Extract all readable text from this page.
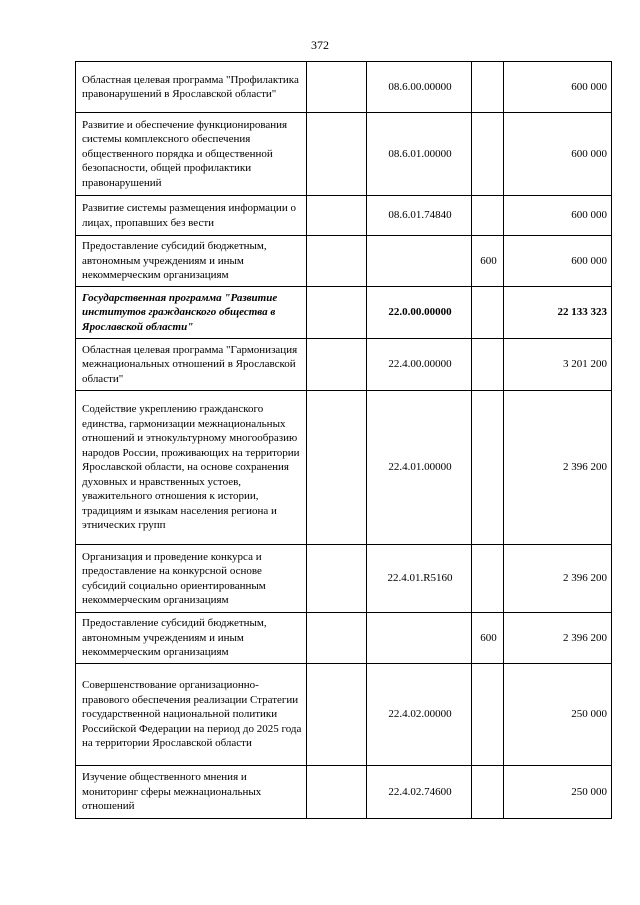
372
Областная целевая программа "Профилактика правонарушений в Ярославской области"		08.6.00.00000		600 000
Развитие и обеспечение функционирования системы комплексного обеспечения общественного порядка и общественной безопасности, общей профилактики правонарушений		08.6.01.00000		600 000
Развитие системы размещения информации о лицах, пропавших без вести		08.6.01.74840		600 000
Предоставление субсидий бюджетным, автономным учреждениям и иным некоммерческим организациям			600	600 000
Государственная программа "Развитие институтов гражданского общества в Ярославской области"		22.0.00.00000		22 133 323
Областная целевая программа "Гармонизация межнациональных отношений в Ярославской области"		22.4.00.00000		3 201 200
Содействие укреплению гражданского единства, гармонизации межнациональных отношений и этнокультурному многообразию народов России, проживающих на территории Ярославской области, на основе сохранения духовных и нравственных устоев, уважительного отношения к истории, традициям и языкам населения региона и этнических групп		22.4.01.00000		2 396 200
Организация и проведение конкурса и предоставление на конкурсной основе субсидий социально ориентированным некоммерческим организациям		22.4.01.R5160		2 396 200
Предоставление субсидий бюджетным, автономным учреждениям и иным некоммерческим организациям			600	2 396 200
Совершенствование организационно-правового обеспечения реализации Стратегии государственной национальной политики Российской Федерации на период до 2025 года на территории Ярославской области		22.4.02.00000		250 000
Изучение общественного мнения и мониторинг сферы межнациональных отношений		22.4.02.74600		250 000
